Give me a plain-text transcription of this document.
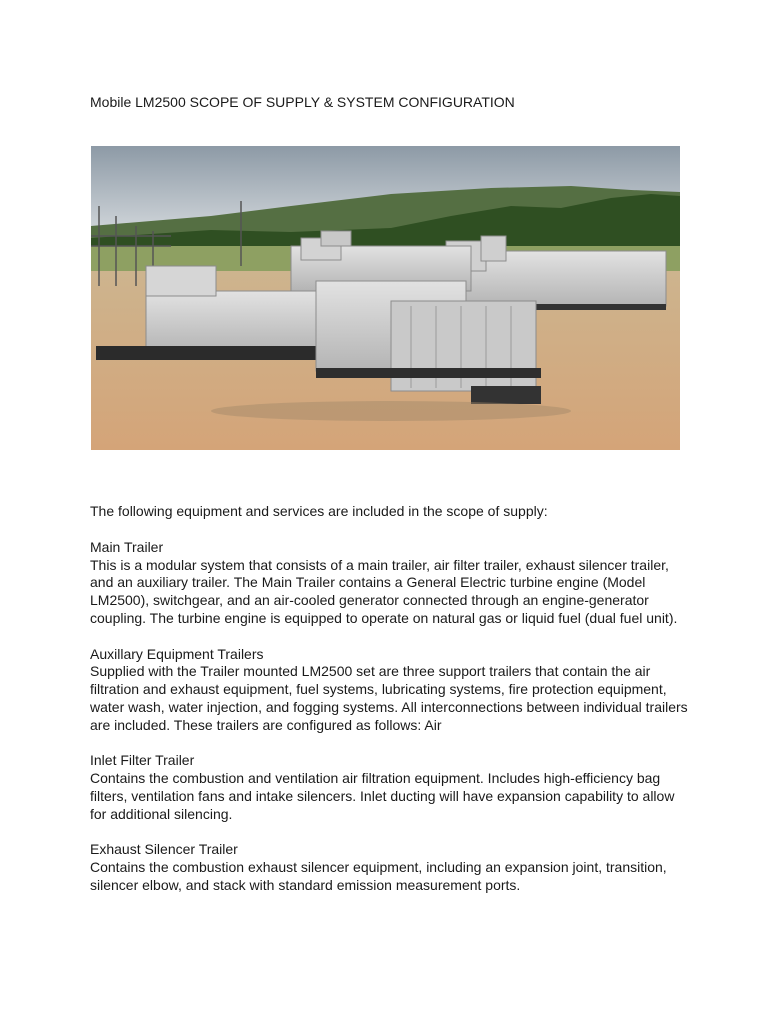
Mobile LM2500 SCOPE OF SUPPLY & SYSTEM CONFIGURATION
The following equipment and services are included in the scope of supply:
Main Trailer
This is a modular system that consists of a main trailer, air filter trailer, exhaust silencer trailer, and an auxiliary trailer. The Main Trailer contains a General Electric turbine engine (Model LM2500), switchgear, and an air-cooled generator connected through an engine-generator coupling. The turbine engine is equipped to operate on natural gas or liquid fuel (dual fuel unit).
Auxillary Equipment Trailers
Supplied with the Trailer mounted LM2500 set are three support trailers that contain the air filtration and exhaust equipment, fuel systems, lubricating systems, fire protection equipment, water wash, water injection, and fogging systems. All interconnections between individual trailers are included. These trailers are configured as follows: Air
Inlet Filter Trailer
Contains the combustion and ventilation air filtration equipment. Includes high-efficiency bag filters, ventilation fans and intake silencers. Inlet ducting will have expansion capability to allow for additional silencing.
Exhaust Silencer Trailer
Contains the combustion exhaust silencer equipment, including an expansion joint, transition, silencer elbow, and stack with standard emission measurement ports.
